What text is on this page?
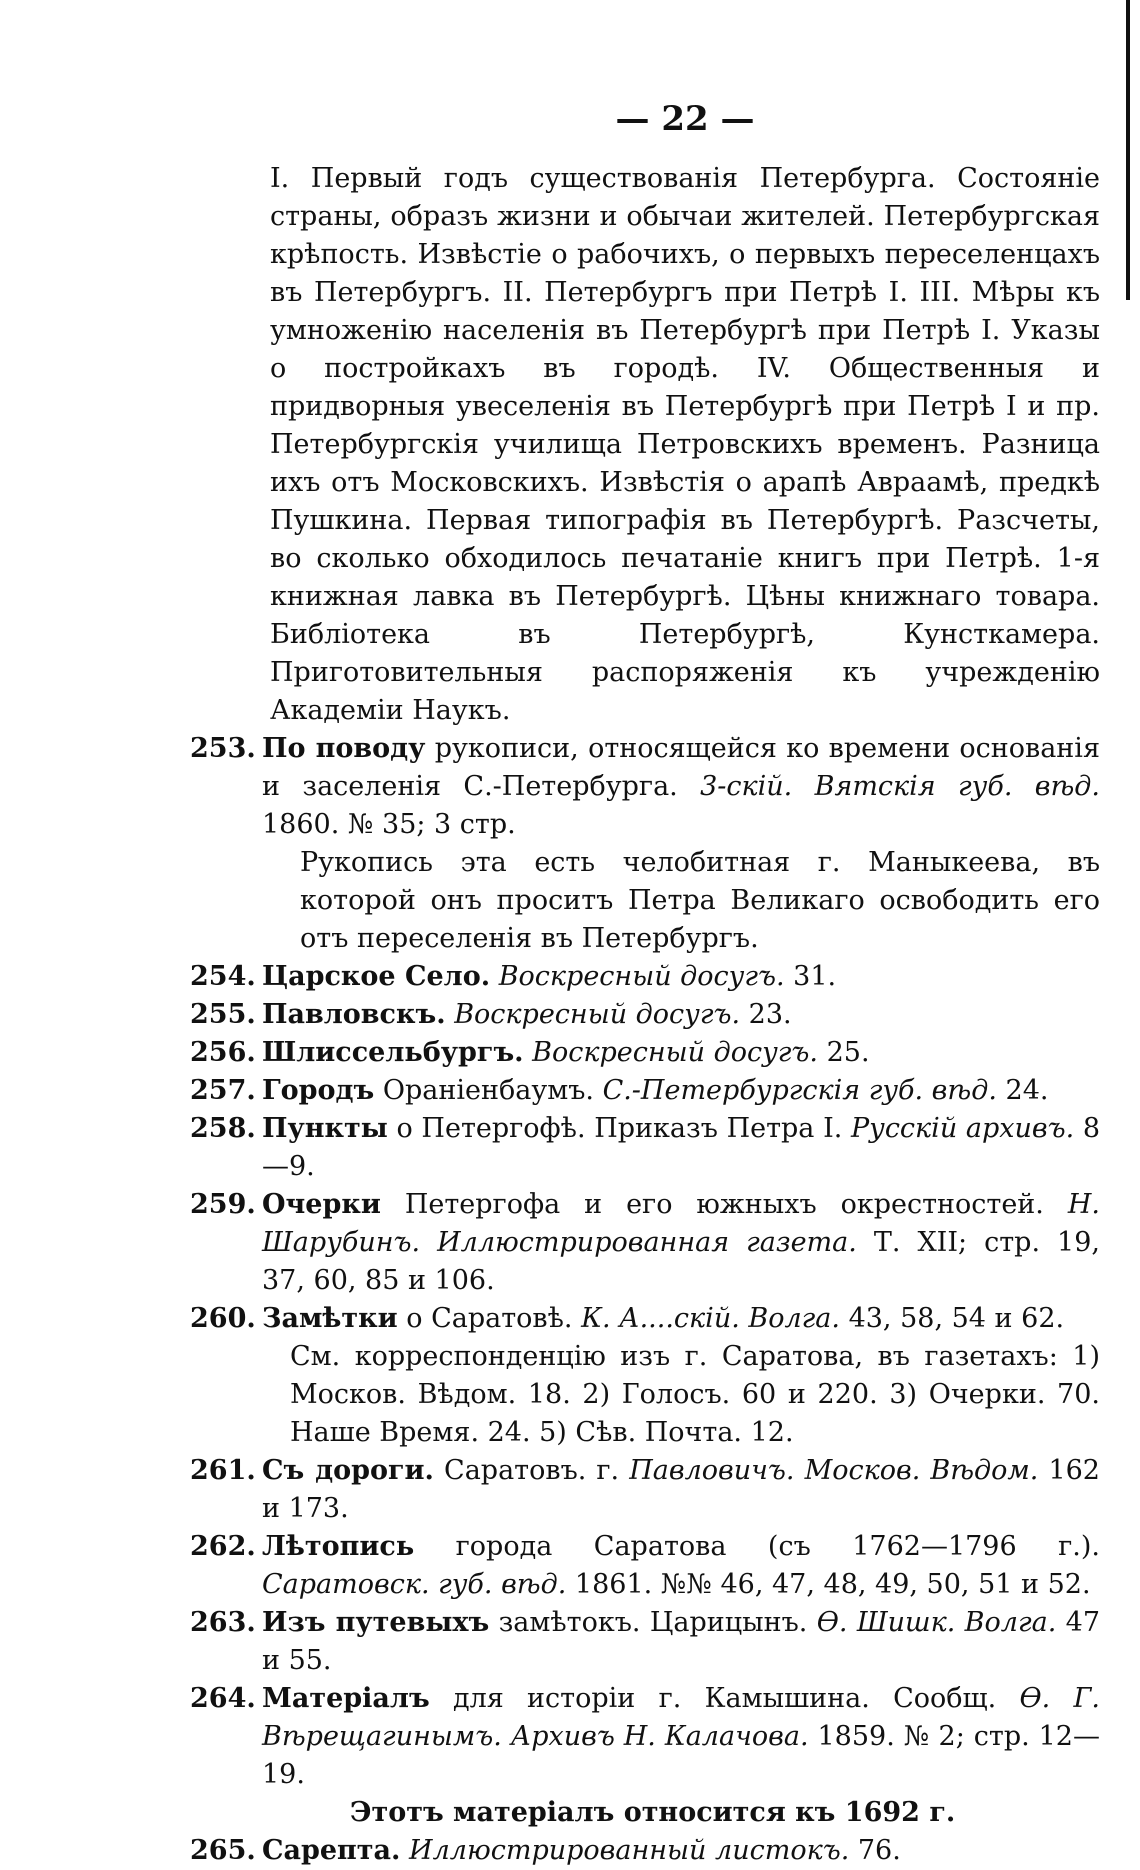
— 22 —
I. Первый годъ существованія Петербурга. Состояніе страны, образъ жизни и обычаи жителей. Петербургская крѣпость. Извѣстіе о рабочихъ, о первыхъ переселенцахъ въ Петербургъ. II. Петербургъ при Петрѣ I. III. Мѣры къ умноженію населенія въ Петербургѣ при Петрѣ I. Указы о постройкахъ въ городѣ. IV. Общественныя и придворныя увеселенія въ Петербургѣ при Петрѣ I и пр. Петербургскія училища Петровскихъ временъ. Разница ихъ отъ Московскихъ. Извѣстія о арапѣ Авраамѣ, предкѣ Пушкина. Первая типографія въ Петербургѣ. Разсчеты, во сколько обходилось печатаніе книгъ при Петрѣ. 1-я книжная лавка въ Петербургѣ. Цѣны книжнаго товара. Библіотека въ Петербургѣ, Кунсткамера. Приготовительныя распоряженія къ учрежденію Академіи Наукъ.
253. По поводу рукописи, относящейся ко времени основанія и заселенія С.-Петербурга. 3-скій. Вятскія губ. вѣд. 1860. № 35; 3 стр.
Рукопись эта есть челобитная г. Маныкеева, въ которой онъ проситъ Петра Великаго освободить его отъ переселенія въ Петербургъ.
254. Царское Село. Воскресный досугъ. 31.
255. Павловскъ. Воскресный досугъ. 23.
256. Шлиссельбургъ. Воскресный досугъ. 25.
257. Городъ Ораніенбаумъ. С.-Петербургскія губ. вѣд. 24.
258. Пункты о Петергофѣ. Приказъ Петра I. Русскій архивъ. 8—9.
259. Очерки Петергофа и его южныхъ окрестностей. Н. Шарубинъ. Иллюстрированная газета. Т. XII; стр. 19, 37, 60, 85 и 106.
260. Замѣтки о Саратовѣ. К. А....скій. Волга. 43, 58, 54 и 62.
См. корреспонденцію изъ г. Саратова, въ газетахъ: 1) Москов. Вѣдом. 18. 2) Голосъ. 60 и 220. 3) Очерки. 70. Наше Время. 24. 5) Сѣв. Почта. 12.
261. Съ дороги. Саратовъ. г. Павловичъ. Москов. Вѣдом. 162 и 173.
262. Лѣтопись города Саратова (съ 1762—1796 г.). Саратовск. губ. вѣд. 1861. №№ 46, 47, 48, 49, 50, 51 и 52.
263. Изъ путевыхъ замѣтокъ. Царицынъ. Ѳ. Шишк. Волга. 47 и 55.
264. Матеріалъ для исторіи г. Камышина. Сообщ. Ѳ. Г. Вѣрещагинымъ. Архивъ Н. Калачова. 1859. № 2; стр. 12—19.
Этотъ матеріалъ относится къ 1692 г.
265. Сарепта. Иллюстрированный листокъ. 76.
